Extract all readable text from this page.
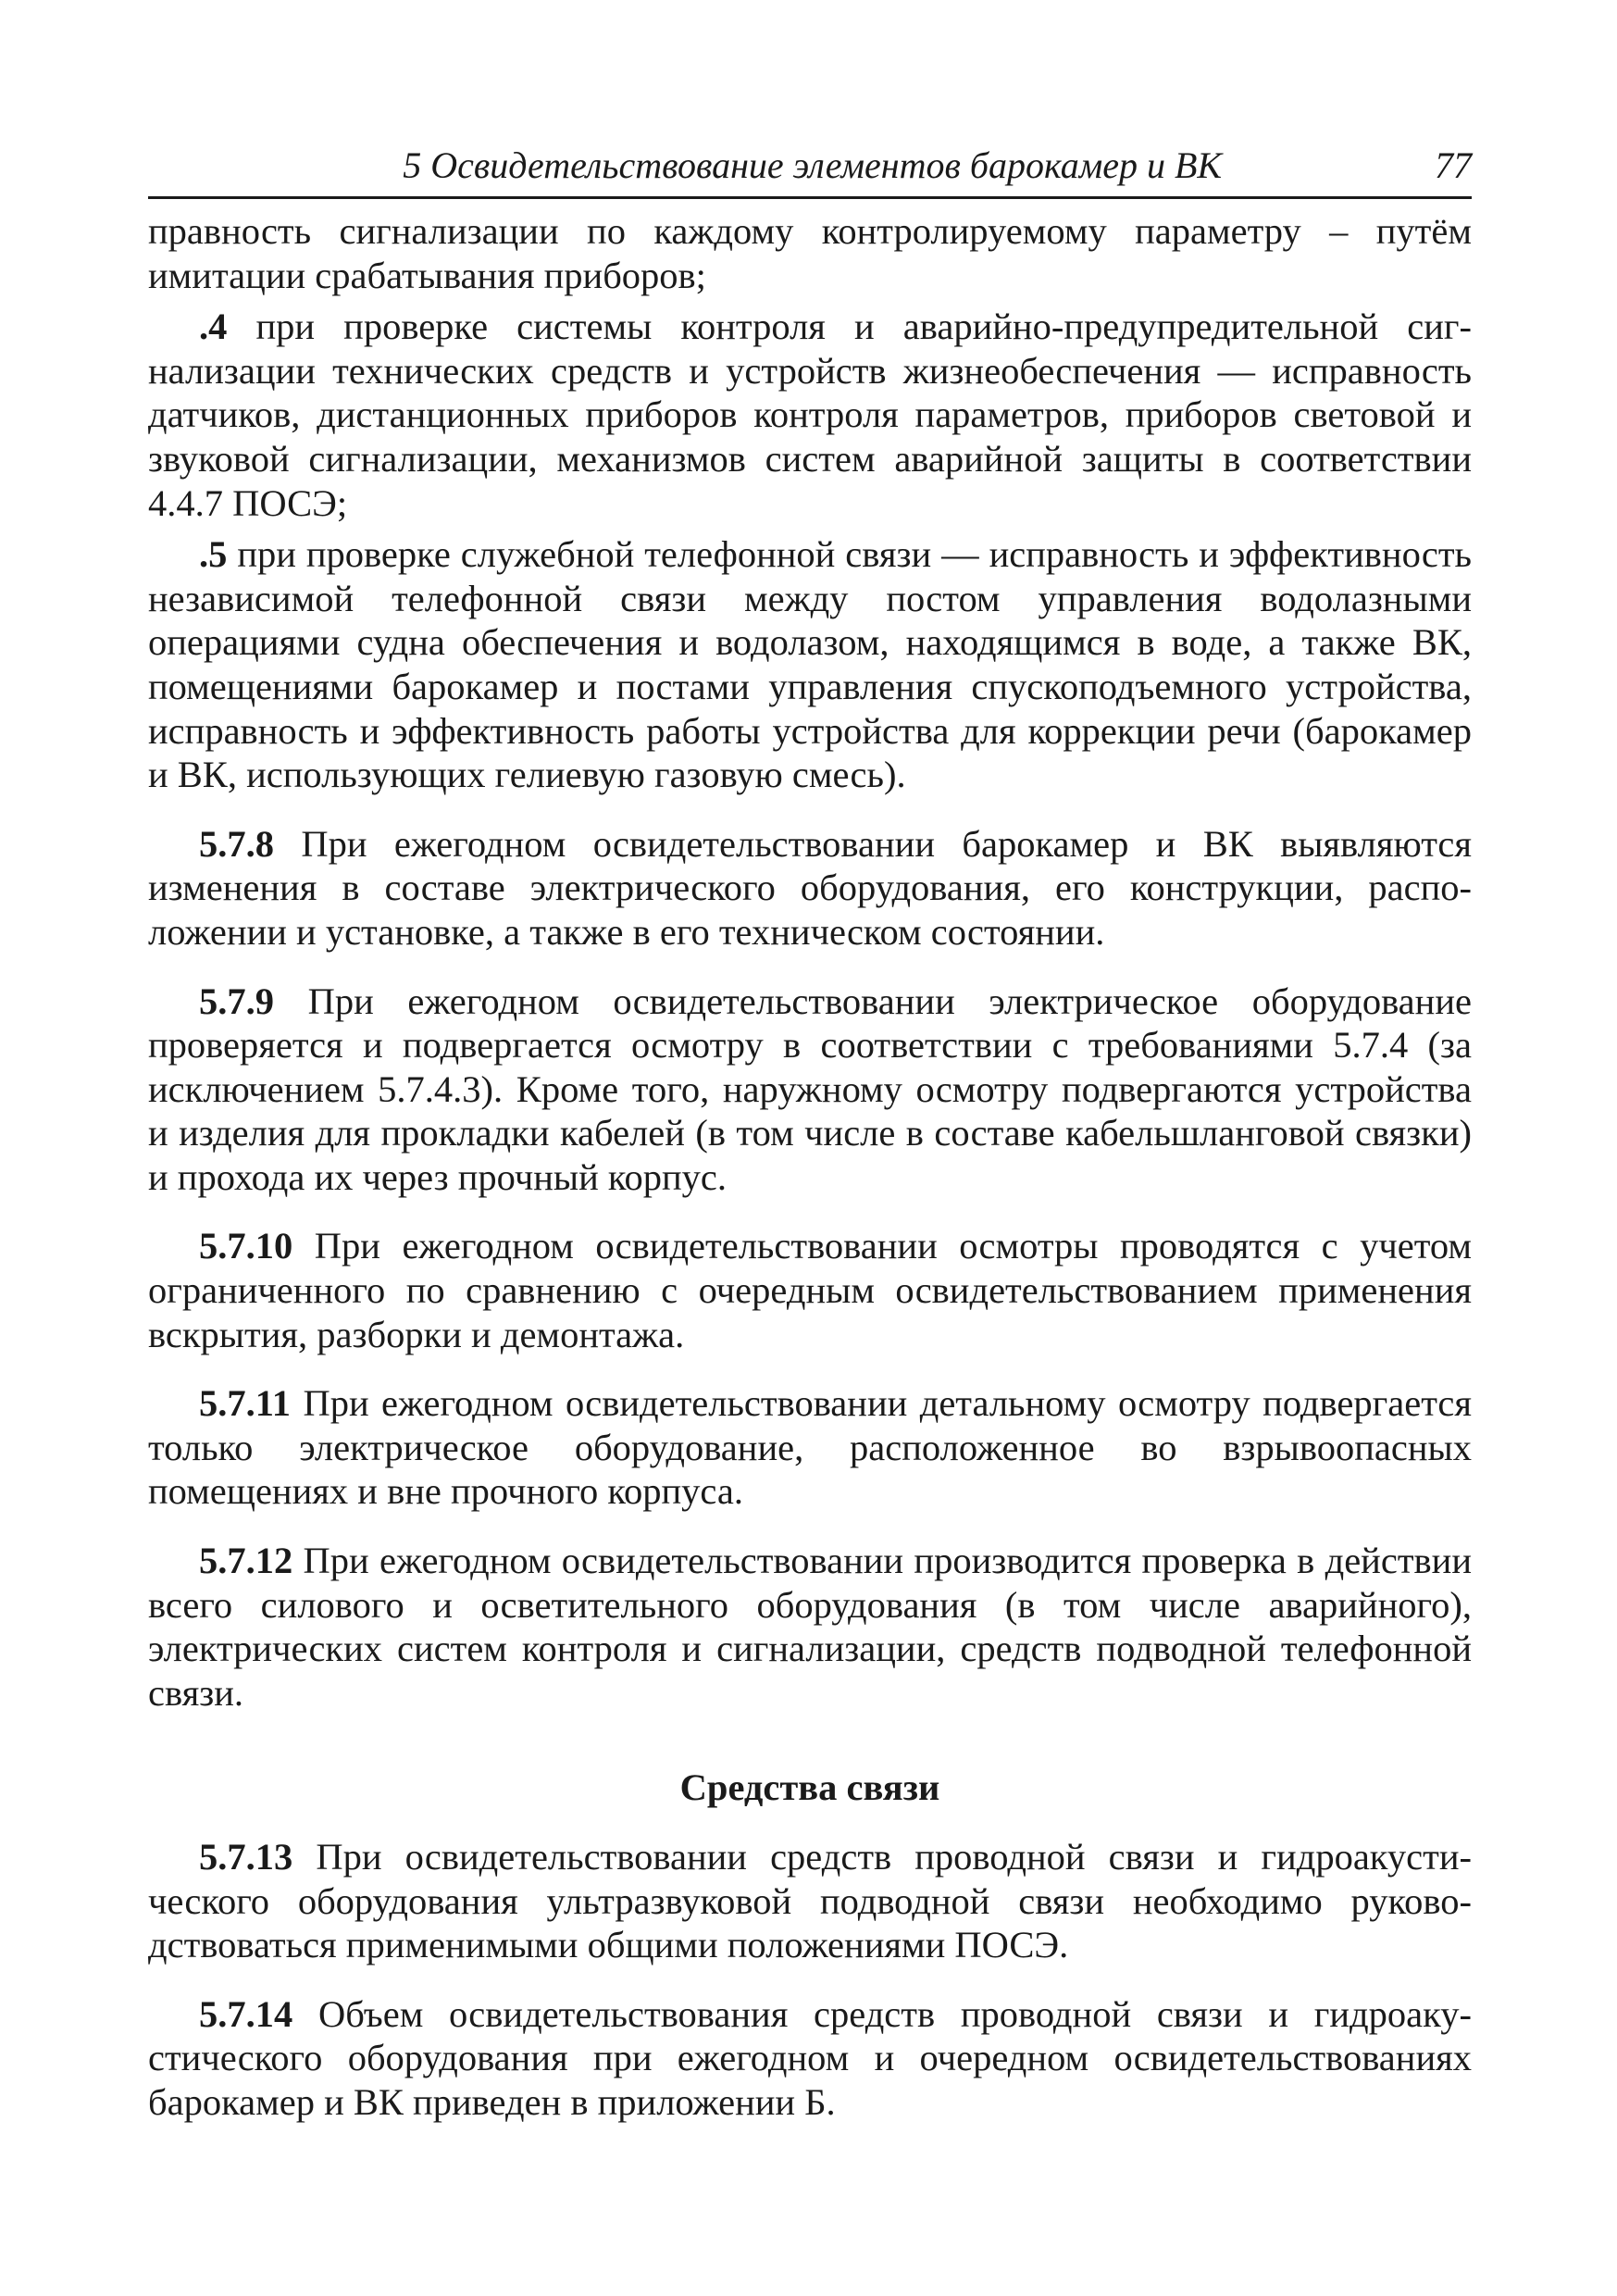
5 Освидетельствование элементов барокамер и ВК	77

правность сигнализации по каждому контролируемому параметру – путём имитации срабатывания приборов;

.4 при проверке системы контроля и аварийно-предупредительной сигнализации технических средств и устройств жизнеобеспечения — исправность датчиков, дистанционных приборов контроля параметров, приборов световой и звуковой сигнализации, механизмов систем аварийной защиты в соответствии 4.4.7 ПОСЭ;

.5 при проверке служебной телефонной связи — исправность и эффективность независимой телефонной связи между постом управления водолазными операциями судна обеспечения и водолазом, находящимся в воде, а также ВК, помещениями барокамер и постами управления спускоподъемного устройства, исправность и эффективность работы устройства для коррекции речи (барокамер и ВК, использующих гелиевую газовую смесь).

5.7.8 При ежегодном освидетельствовании барокамер и ВК выявляются изменения в составе электрического оборудования, его конструкции, расположении и установке, а также в его техническом состоянии.

5.7.9 При ежегодном освидетельствовании электрическое оборудование проверяется и подвергается осмотру в соответствии с требованиями 5.7.4 (за исключением 5.7.4.3). Кроме того, наружному осмотру подвергаются устройства и изделия для прокладки кабелей (в том числе в составе кабельшланговой связки) и прохода их через прочный корпус.

5.7.10 При ежегодном освидетельствовании осмотры проводятся с учетом ограниченного по сравнению с очередным освидетельствованием применения вскрытия, разборки и демонтажа.

5.7.11 При ежегодном освидетельствовании детальному осмотру подвергается только электрическое оборудование, расположенное во взрывоопасных помещениях и вне прочного корпуса.

5.7.12 При ежегодном освидетельствовании производится проверка в действии всего силового и осветительного оборудования (в том числе аварийного), электрических систем контроля и сигнализации, средств подводной телефонной связи.

Средства связи

5.7.13 При освидетельствовании средств проводной связи и гидроакустического оборудования ультразвуковой подводной связи необходимо руководствоваться применимыми общими положениями ПОСЭ.

5.7.14 Объем освидетельствования средств проводной связи и гидроакустического оборудования при ежегодном и очередном освидетельствованиях барокамер и ВК приведен в приложении Б.
